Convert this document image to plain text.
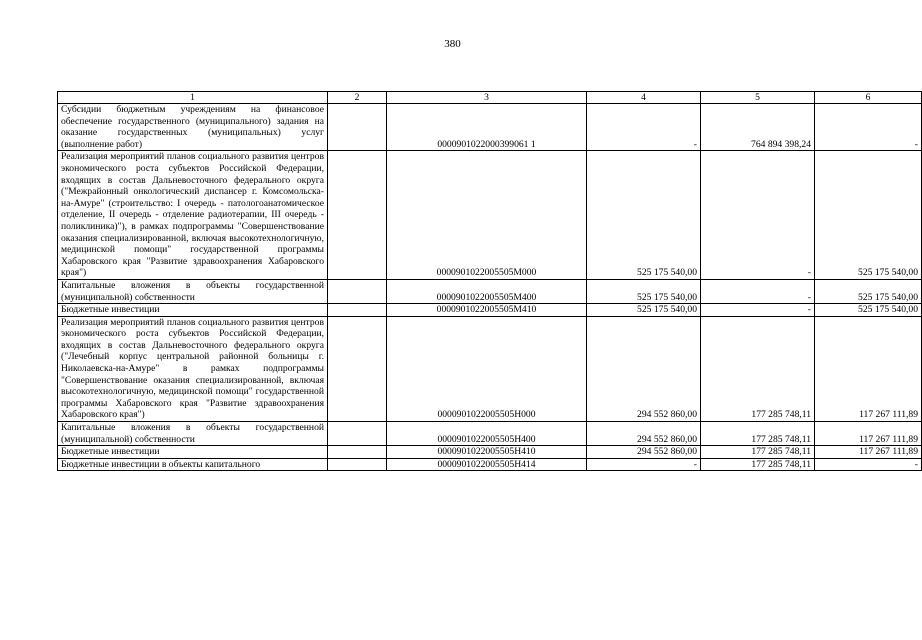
380
1	2	3	4	5	6
Субсидии бюджетным учреждениям на финансовое обеспечение государственного (муниципального) задания на оказание государственных (муниципальных) услуг (выполнение работ)		0000901022000399061 1	-	764 894 398,24	-
Реализация мероприятий планов социального развития центров экономического роста субъектов Российской Федерации, входящих в состав Дальневосточного федерального округа ("Межрайонный онкологический диспансер г. Комсомольска-на-Амуре" (строительство: I очередь - патологоанатомическое отделение, II очередь - отделение радиотерапии, III очередь - поликлиника)"), в рамках подпрограммы "Совершенствование оказания специализированной, включая высокотехнологичную, медицинской помощи" государственной программы Хабаровского края "Развитие здравоохранения Хабаровского края")		0000901022005505М000	525 175 540,00	-	525 175 540,00
Капитальные вложения в объекты государственной (муниципальной) собственности		0000901022005505М400	525 175 540,00	-	525 175 540,00
Бюджетные инвестиции		0000901022005505М410	525 175 540,00	-	525 175 540,00
Реализация мероприятий планов социального развития центров экономического роста субъектов Российской Федерации, входящих в состав Дальневосточного федерального округа ("Лечебный корпус центральной районной больницы г. Николаевска-на-Амуре" в рамках подпрограммы "Совершенствование оказания специализированной, включая высокотехнологичную, медицинской помощи" государственной программы Хабаровского края "Развитие здравоохранения Хабаровского края")		0000901022005505Н000	294 552 860,00	177 285 748,11	117 267 111,89
Капитальные вложения в объекты государственной (муниципальной) собственности		0000901022005505Н400	294 552 860,00	177 285 748,11	117 267 111,89
Бюджетные инвестиции		0000901022005505Н410	294 552 860,00	177 285 748,11	117 267 111,89
Бюджетные инвестиции в объекты капитального		0000901022005505Н414	-	177 285 748,11	-
